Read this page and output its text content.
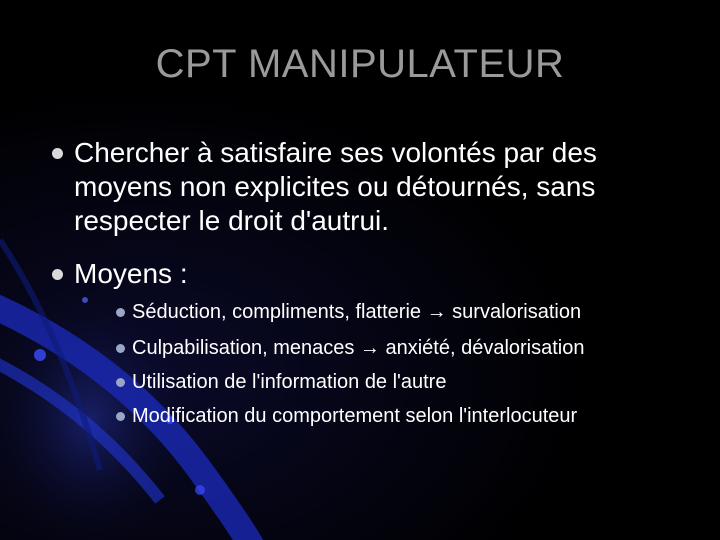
CPT MANIPULATEUR
Chercher à satisfaire ses volontés par des moyens non explicites ou détournés, sans respecter le droit d'autrui.
Moyens :
Séduction, compliments, flatterie → survalorisation
Culpabilisation, menaces → anxiété, dévalorisation
Utilisation de l'information de l'autre
Modification du comportement selon l'interlocuteur
